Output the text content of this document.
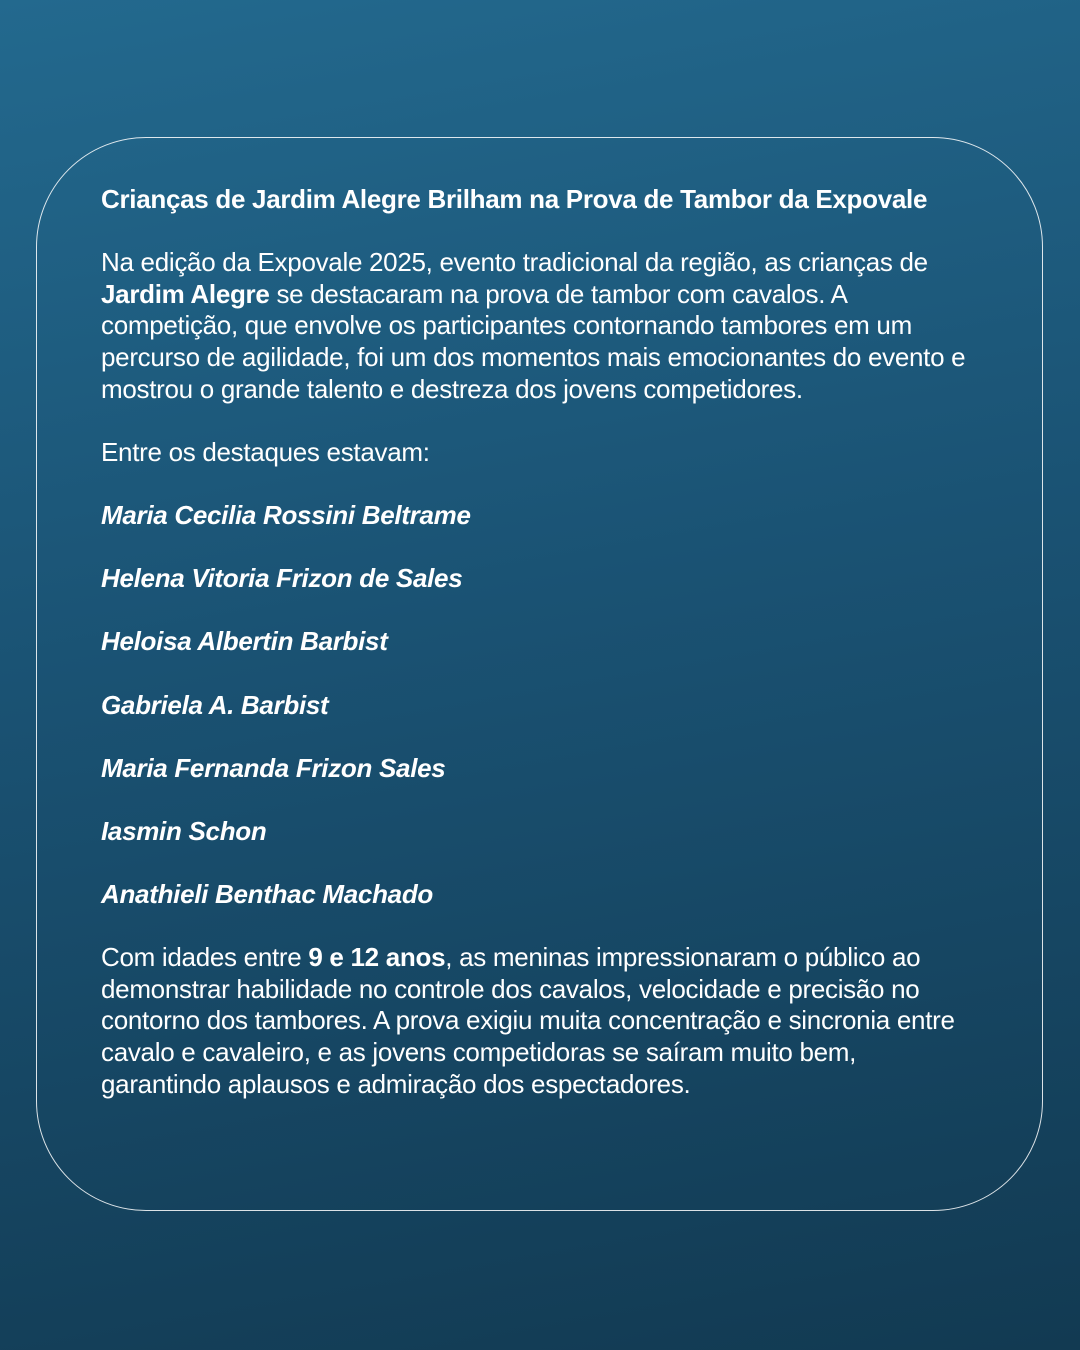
Crianças de Jardim Alegre Brilham na Prova de Tambor da Expovale

Na edição da Expovale 2025, evento tradicional da região, as crianças de Jardim Alegre se destacaram na prova de tambor com cavalos. A competição, que envolve os participantes contornando tambores em um percurso de agilidade, foi um dos momentos mais emocionantes do evento e mostrou o grande talento e destreza dos jovens competidores.

Entre os destaques estavam:

Maria Cecilia Rossini Beltrame

Helena Vitoria Frizon de Sales

Heloisa Albertin Barbist

Gabriela A. Barbist

Maria Fernanda Frizon Sales

Iasmin Schon

Anathieli Benthac Machado

Com idades entre 9 e 12 anos, as meninas impressionaram o público ao demonstrar habilidade no controle dos cavalos, velocidade e precisão no contorno dos tambores. A prova exigiu muita concentração e sincronia entre cavalo e cavaleiro, e as jovens competidoras se saíram muito bem, garantindo aplausos e admiração dos espectadores.
